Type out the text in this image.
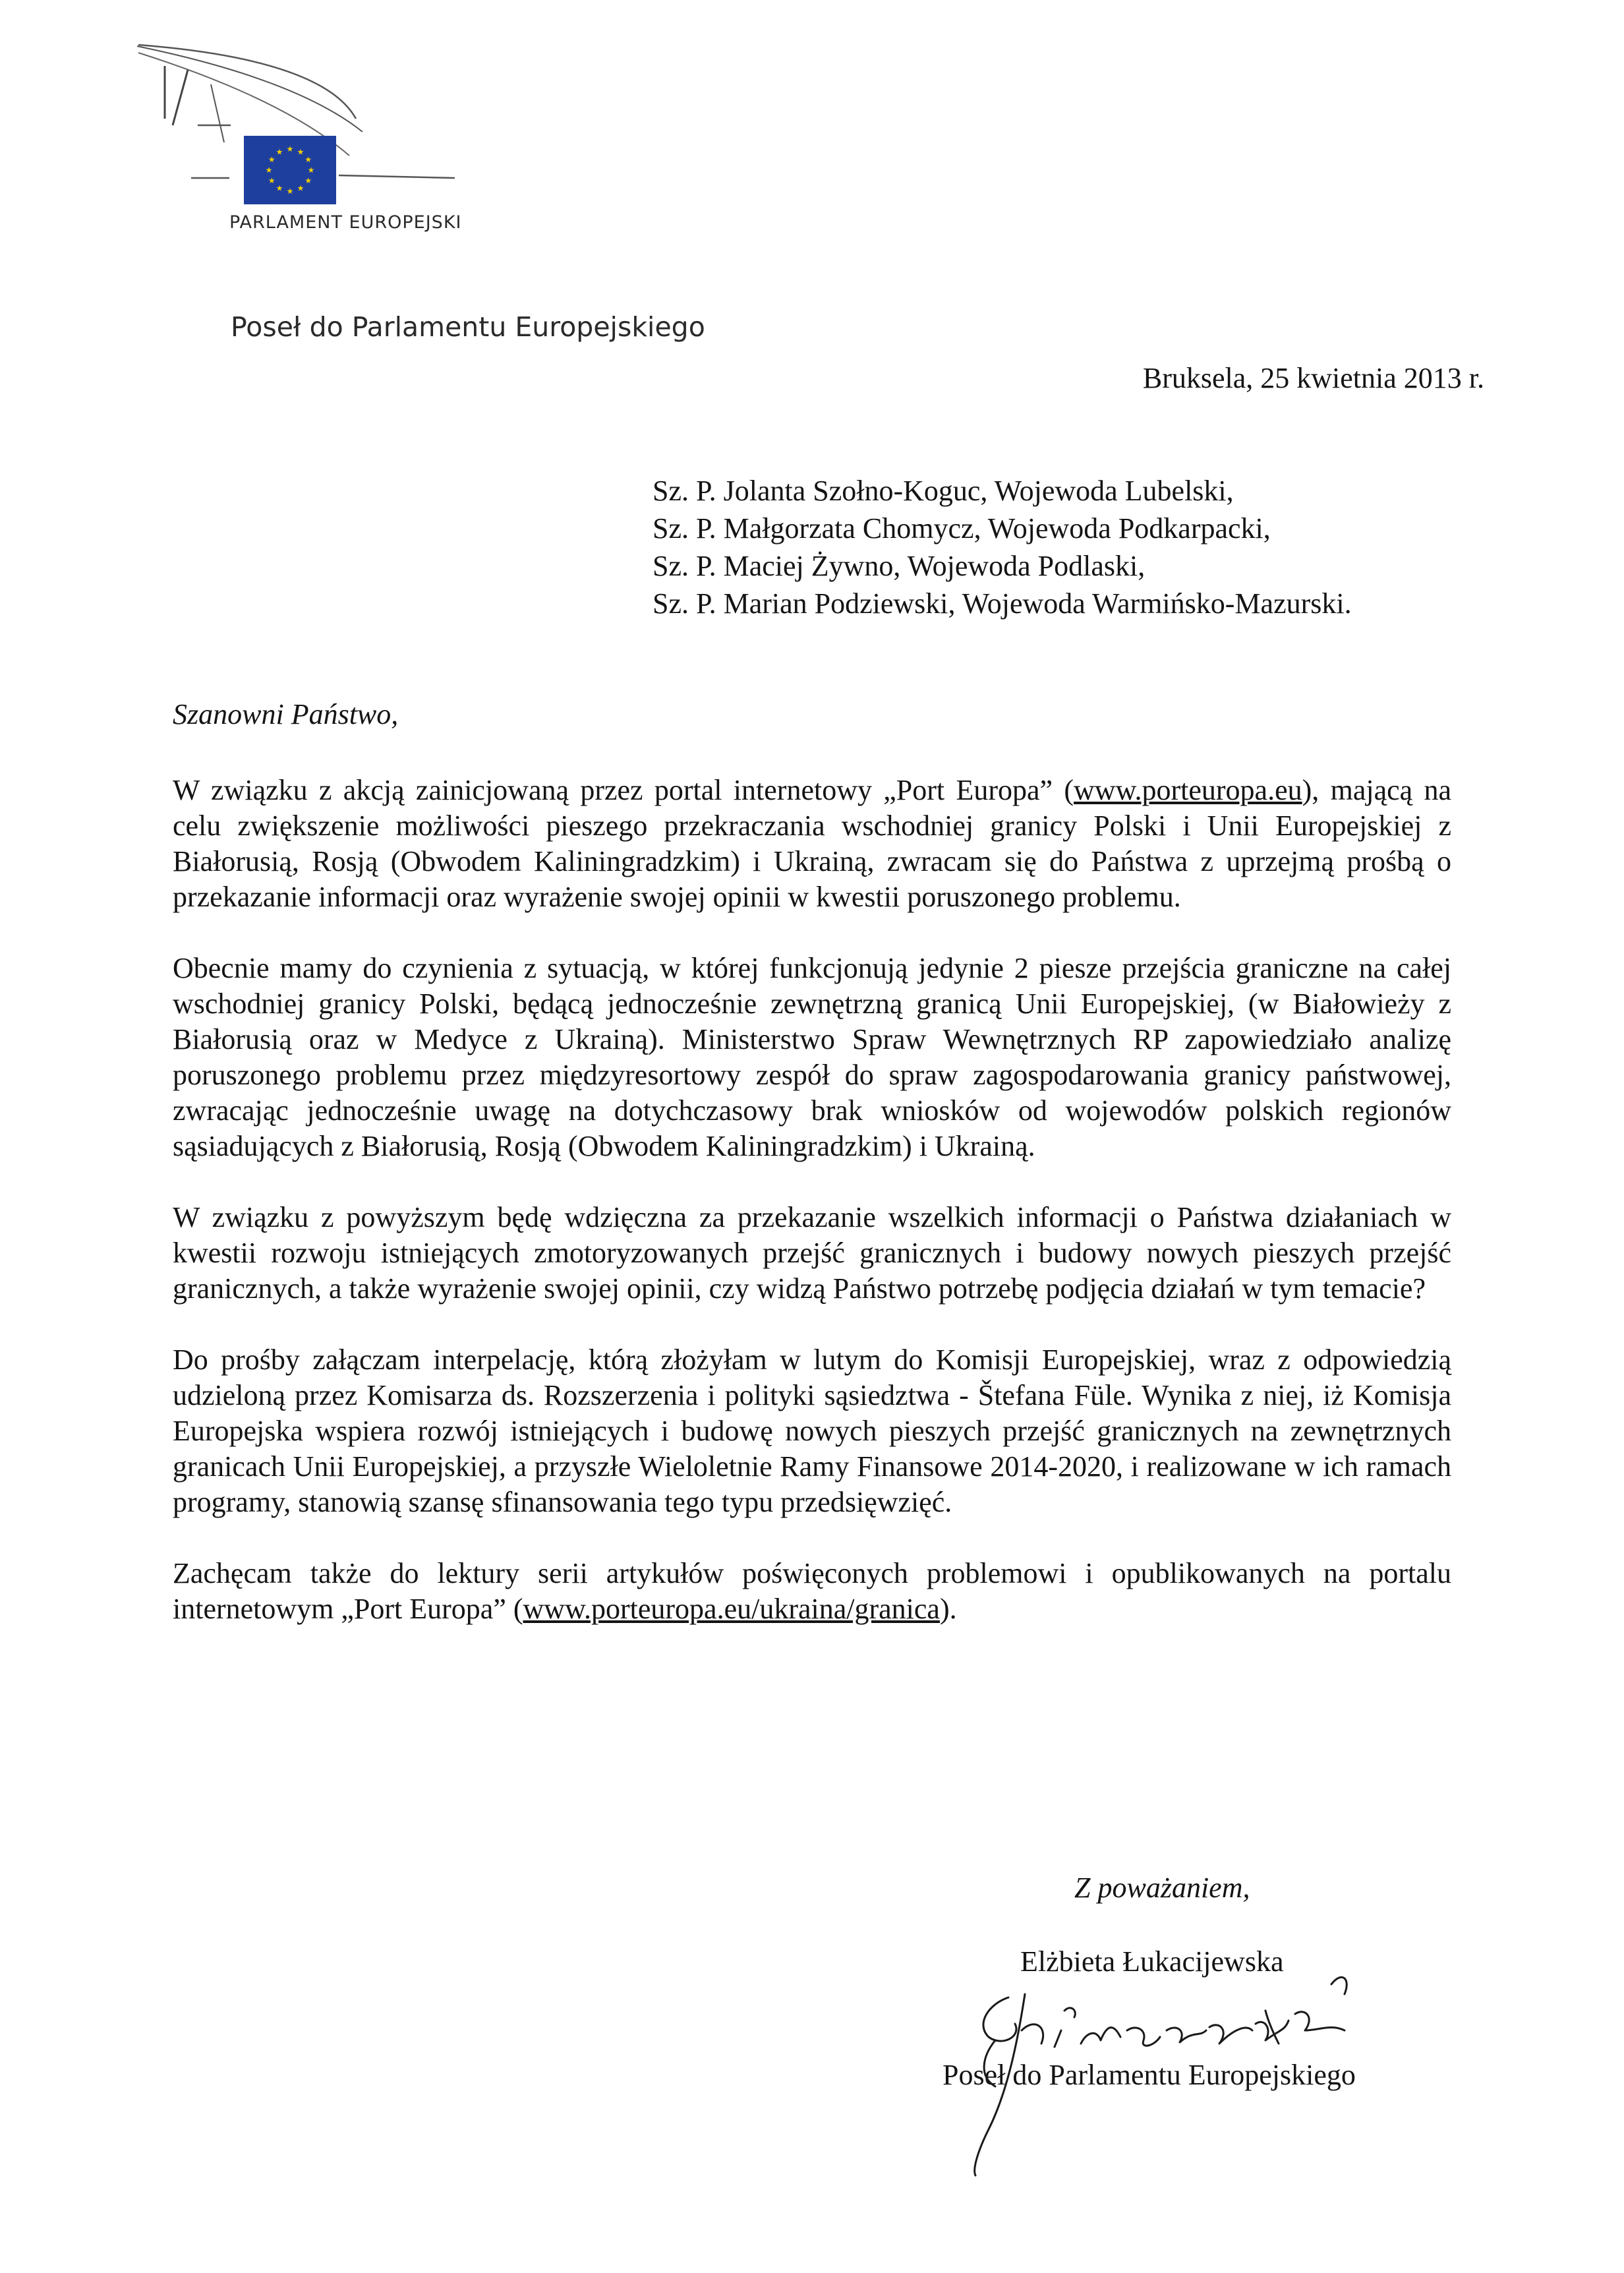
★ ★
★
★
★
★
★
★
★
★
★
★
PARLAMENT EUROPEJSKI
Poseł do Parlamentu Europejskiego
Bruksela, 25 kwietnia 2013 r.
Sz. P. Jolanta Szołno-Koguc, Wojewoda Lubelski,
Sz. P. Małgorzata Chomycz, Wojewoda Podkarpacki,
Sz. P. Maciej Żywno, Wojewoda Podlaski,
Sz. P. Marian Podziewski, Wojewoda Warmińsko-Mazurski.
Szanowni Państwo,

W związku z akcją zainicjowaną przez portal internetowy „Port Europa” (www.porteuropa.eu), mającą na celu zwiększenie możliwości pieszego przekraczania wschodniej granicy Polski i Unii Europejskiej z Białorusią, Rosją (Obwodem Kaliningradzkim) i Ukrainą, zwracam się do Państwa z uprzejmą prośbą o przekazanie informacji oraz wyrażenie swojej opinii w kwestii poruszonego problemu.

Obecnie mamy do czynienia z sytuacją, w której funkcjonują jedynie 2 piesze przejścia graniczne na całej wschodniej granicy Polski, będącą jednocześnie zewnętrzną granicą Unii Europejskiej, (w Białowieży z Białorusią oraz w Medyce z Ukrainą). Ministerstwo Spraw Wewnętrznych RP zapowiedziało analizę poruszonego problemu przez międzyresortowy zespół do spraw zagospodarowania granicy państwowej, zwracając jednocześnie uwagę na dotychczasowy brak wniosków od wojewodów polskich regionów sąsiadujących z Białorusią, Rosją (Obwodem Kaliningradzkim) i Ukrainą.

W związku z powyższym będę wdzięczna za przekazanie wszelkich informacji o Państwa działaniach w kwestii rozwoju istniejących zmotoryzowanych przejść granicznych i budowy nowych pieszych przejść granicznych, a także wyrażenie swojej opinii, czy widzą Państwo potrzebę podjęcia działań w tym temacie?

Do prośby załączam interpelację, którą złożyłam w lutym do Komisji Europejskiej, wraz z odpowiedzią udzieloną przez Komisarza ds. Rozszerzenia i polityki sąsiedztwa - Štefana Füle. Wynika z niej, iż Komisja Europejska wspiera rozwój istniejących i budowę nowych pieszych przejść granicznych na zewnętrznych granicach Unii Europejskiej, a przyszłe Wieloletnie Ramy Finansowe 2014-2020, i realizowane w ich ramach programy, stanowią szansę sfinansowania tego typu przedsięwzięć.

Zachęcam także do lektury serii artykułów poświęconych problemowi i opublikowanych na portalu internetowym „Port Europa” (www.porteuropa.eu/ukraina/granica).

Z poważaniem,
Elżbieta Łukacijewska
Poseł do Parlamentu Europejskiego
